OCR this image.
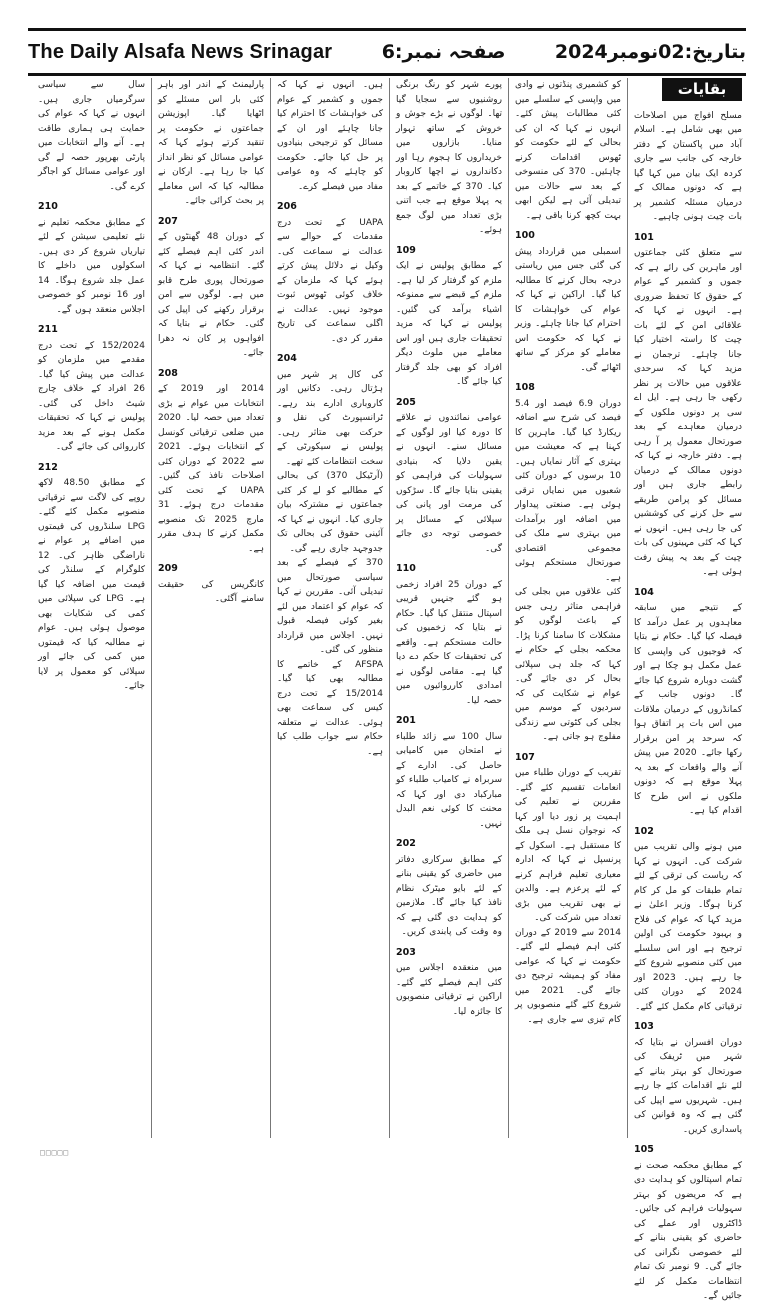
The Daily Alsafa News Srinagar	صفحہ نمبر:6	بتاریخ:02نومبر2024
بقایات
مسلح افواج میں اصلاحات میں بھی شامل ہے۔ اسلام آباد میں پاکستان کے دفتر خارجہ کی جانب سے جاری کردہ ایک بیان میں کہا گیا ہے کہ دونوں ممالک کے درمیان مسئلہ کشمیر پر بات چیت ہونی چاہیے۔
101
سے متعلق کئی جماعتوں اور ماہرین کی رائے ہے کہ جموں و کشمیر کے عوام کے حقوق کا تحفظ ضروری ہے۔ انہوں نے کہا کہ علاقائی امن کے لئے بات چیت کا راستہ اختیار کیا جانا چاہئے۔ ترجمان نے مزید کہا کہ سرحدی علاقوں میں حالات پر نظر رکھی جا رہی ہے۔ ایل اے سی پر دونوں ملکوں کے درمیان معاہدے کے بعد صورتحال معمول پر آ رہی ہے۔ دفتر خارجہ نے کہا کہ دونوں ممالک کے درمیان رابطے جاری ہیں اور مسائل کو پرامن طریقے سے حل کرنے کی کوششیں کی جا رہی ہیں۔ انہوں نے کہا کہ کئی مہینوں کی بات چیت کے بعد یہ پیش رفت ہوئی ہے۔
104
کے نتیجے میں سابقہ معاہدوں پر عمل درآمد کا فیصلہ کیا گیا۔ حکام نے بتایا کہ فوجیوں کی واپسی کا عمل مکمل ہو چکا ہے اور گشت دوبارہ شروع کیا جائے گا۔ دونوں جانب کے کمانڈروں کے درمیان ملاقات میں اس بات پر اتفاق ہوا کہ سرحد پر امن برقرار رکھا جائے۔ 2020 میں پیش آنے والے واقعات کے بعد یہ پہلا موقع ہے کہ دونوں ملکوں نے اس طرح کا اقدام کیا ہے۔
102
میں ہونے والی تقریب میں شرکت کی۔ انہوں نے کہا کہ ریاست کی ترقی کے لئے تمام طبقات کو مل کر کام کرنا ہوگا۔ وزیر اعلیٰ نے مزید کہا کہ عوام کی فلاح و بہبود حکومت کی اولین ترجیح ہے اور اس سلسلے میں کئی منصوبے شروع کئے جا رہے ہیں۔ 2023 اور 2024 کے دوران کئی ترقیاتی کام مکمل کئے گئے۔
103
دوران افسران نے بتایا کہ شہر میں ٹریفک کی صورتحال کو بہتر بنانے کے لئے نئے اقدامات کئے جا رہے ہیں۔ شہریوں سے اپیل کی گئی ہے کہ وہ قوانین کی پاسداری کریں۔
105
کے مطابق محکمہ صحت نے تمام اسپتالوں کو ہدایت دی ہے کہ مریضوں کو بہتر سہولیات فراہم کی جائیں۔ ڈاکٹروں اور عملے کی حاضری کو یقینی بنانے کے لئے خصوصی نگرانی کی جائے گی۔ 9 نومبر تک تمام انتظامات مکمل کر لئے جائیں گے۔
کو کشمیری پنڈتوں نے وادی میں واپسی کے سلسلے میں کئی مطالبات پیش کئے۔ انہوں نے کہا کہ ان کی بحالی کے لئے حکومت کو ٹھوس اقدامات کرنے چاہئیں۔ 370 کی منسوخی کے بعد سے حالات میں تبدیلی آئی ہے لیکن ابھی بہت کچھ کرنا باقی ہے۔
100
اسمبلی میں قرارداد پیش کی گئی جس میں ریاستی درجہ بحال کرنے کا مطالبہ کیا گیا۔ اراکین نے کہا کہ عوام کی خواہشات کا احترام کیا جانا چاہئے۔ وزیر نے کہا کہ حکومت اس معاملے کو مرکز کے ساتھ اٹھائے گی۔
108
دوران 6.9 فیصد اور 5.4 فیصد کی شرح سے اضافہ ریکارڈ کیا گیا۔ ماہرین کا کہنا ہے کہ معیشت میں بہتری کے آثار نمایاں ہیں۔ 10 برسوں کے دوران کئی شعبوں میں نمایاں ترقی ہوئی ہے۔ صنعتی پیداوار میں اضافہ اور برآمدات میں بہتری سے ملک کی مجموعی اقتصادی صورتحال مستحکم ہوئی ہے۔
کئی علاقوں میں بجلی کی فراہمی متاثر رہی جس کے باعث لوگوں کو مشکلات کا سامنا کرنا پڑا۔ محکمہ بجلی کے حکام نے کہا کہ جلد ہی سپلائی بحال کر دی جائے گی۔ عوام نے شکایت کی کہ سردیوں کے موسم میں بجلی کی کٹوتی سے زندگی مفلوج ہو جاتی ہے۔
107
تقریب کے دوران طلباء میں انعامات تقسیم کئے گئے۔ مقررین نے تعلیم کی اہمیت پر زور دیا اور کہا کہ نوجوان نسل ہی ملک کا مستقبل ہے۔ اسکول کے پرنسپل نے کہا کہ ادارہ معیاری تعلیم فراہم کرنے کے لئے پرعزم ہے۔ والدین نے بھی تقریب میں بڑی تعداد میں شرکت کی۔
2014 سے 2019 کے دوران کئی اہم فیصلے لئے گئے۔ حکومت نے کہا کہ عوامی مفاد کو ہمیشہ ترجیح دی جائے گی۔ 2021 میں شروع کئے گئے منصوبوں پر کام تیزی سے جاری ہے۔
پورے شہر کو رنگ برنگی روشنیوں سے سجایا گیا تھا۔ لوگوں نے بڑے جوش و خروش کے ساتھ تہوار منایا۔ بازاروں میں خریداروں کا ہجوم رہا اور دکانداروں نے اچھا کاروبار کیا۔ 370 کے خاتمے کے بعد یہ پہلا موقع ہے جب اتنی بڑی تعداد میں لوگ جمع ہوئے۔
109
کے مطابق پولیس نے ایک ملزم کو گرفتار کر لیا ہے۔ ملزم کے قبضے سے ممنوعہ اشیاء برآمد کی گئیں۔ پولیس نے کہا کہ مزید تحقیقات جاری ہیں اور اس معاملے میں ملوث دیگر افراد کو بھی جلد گرفتار کیا جائے گا۔
205
عوامی نمائندوں نے علاقے کا دورہ کیا اور لوگوں کے مسائل سنے۔ انہوں نے یقین دلایا کہ بنیادی سہولیات کی فراہمی کو یقینی بنایا جائے گا۔ سڑکوں کی مرمت اور پانی کی سپلائی کے مسائل پر خصوصی توجہ دی جائے گی۔
110
کے دوران 25 افراد زخمی ہو گئے جنہیں قریبی اسپتال منتقل کیا گیا۔ حکام نے بتایا کہ زخمیوں کی حالت مستحکم ہے۔ واقعے کی تحقیقات کا حکم دے دیا گیا ہے۔ مقامی لوگوں نے امدادی کارروائیوں میں حصہ لیا۔
201
سال 100 سے زائد طلباء نے امتحان میں کامیابی حاصل کی۔ ادارے کے سربراہ نے کامیاب طلباء کو مبارکباد دی اور کہا کہ محنت کا کوئی نعم البدل نہیں۔
202
کے مطابق سرکاری دفاتر میں حاضری کو یقینی بنانے کے لئے بایو میٹرک نظام نافذ کیا جائے گا۔ ملازمین کو ہدایت دی گئی ہے کہ وہ وقت کی پابندی کریں۔
203
میں منعقدہ اجلاس میں کئی اہم فیصلے کئے گئے۔ اراکین نے ترقیاتی منصوبوں کا جائزہ لیا۔
ہیں۔ انہوں نے کہا کہ جموں و کشمیر کے عوام کی خواہشات کا احترام کیا جانا چاہئے اور ان کے مسائل کو ترجیحی بنیادوں پر حل کیا جائے۔ حکومت کو چاہئے کہ وہ عوامی مفاد میں فیصلے کرے۔
206
UAPA کے تحت درج مقدمات کے حوالے سے عدالت نے سماعت کی۔ وکیل نے دلائل پیش کرتے ہوئے کہا کہ ملزمان کے خلاف کوئی ٹھوس ثبوت موجود نہیں۔ عدالت نے اگلی سماعت کی تاریخ مقرر کر دی۔
204
کی کال پر شہر میں ہڑتال رہی۔ دکانیں اور کاروباری ادارے بند رہے۔ ٹرانسپورٹ کی نقل و حرکت بھی متاثر رہی۔ پولیس نے سیکورٹی کے سخت انتظامات کئے تھے۔
(آرٹیکل 370) کی بحالی کے مطالبے کو لے کر کئی جماعتوں نے مشترکہ بیان جاری کیا۔ انہوں نے کہا کہ آئینی حقوق کی بحالی تک جدوجہد جاری رہے گی۔
370 کے فیصلے کے بعد سیاسی صورتحال میں تبدیلی آئی۔ مقررین نے کہا کہ عوام کو اعتماد میں لئے بغیر کوئی فیصلہ قبول نہیں۔ اجلاس میں قرارداد منظور کی گئی۔
AFSPA کے خاتمے کا مطالبہ بھی کیا گیا۔ 15/2014 کے تحت درج کیس کی سماعت بھی ہوئی۔ عدالت نے متعلقہ حکام سے جواب طلب کیا ہے۔
پارلیمنٹ کے اندر اور باہر کئی بار اس مسئلے کو اٹھایا گیا۔ اپوزیشن جماعتوں نے حکومت پر تنقید کرتے ہوئے کہا کہ عوامی مسائل کو نظر انداز کیا جا رہا ہے۔ ارکان نے مطالبہ کیا کہ اس معاملے پر بحث کرائی جائے۔
207
کے دوران 48 گھنٹوں کے اندر کئی اہم فیصلے کئے گئے۔ انتظامیہ نے کہا کہ صورتحال پوری طرح قابو میں ہے۔ لوگوں سے امن برقرار رکھنے کی اپیل کی گئی۔ حکام نے بتایا کہ افواہوں پر کان نہ دھرا جائے۔
208
2014 اور 2019 کے انتخابات میں عوام نے بڑی تعداد میں حصہ لیا۔ 2020 میں ضلعی ترقیاتی کونسل کے انتخابات ہوئے۔ 2021 سے 2022 کے دوران کئی اصلاحات نافذ کی گئیں۔ UAPA کے تحت کئی مقدمات درج ہوئے۔ 31 مارچ 2025 تک منصوبے مکمل کرنے کا ہدف مقرر ہے۔
209
کانگریس کی حقیقت سامنے آگئی۔
سال سے سیاسی سرگرمیاں جاری ہیں۔ انہوں نے کہا کہ عوام کی حمایت ہی ہماری طاقت ہے۔ آنے والے انتخابات میں پارٹی بھرپور حصہ لے گی اور عوامی مسائل کو اجاگر کرے گی۔
210
کے مطابق محکمہ تعلیم نے نئے تعلیمی سیشن کے لئے تیاریاں شروع کر دی ہیں۔ اسکولوں میں داخلے کا عمل جلد شروع ہوگا۔ 14 اور 16 نومبر کو خصوصی اجلاس منعقد ہوں گے۔
211
152/2024 کے تحت درج مقدمے میں ملزمان کو عدالت میں پیش کیا گیا۔ 26 افراد کے خلاف چارج شیٹ داخل کی گئی۔ پولیس نے کہا کہ تحقیقات مکمل ہونے کے بعد مزید کارروائی کی جائے گی۔
212
کے مطابق 48.50 لاکھ روپے کی لاگت سے ترقیاتی منصوبے مکمل کئے گئے۔ LPG سلنڈروں کی قیمتوں میں اضافے پر عوام نے ناراضگی ظاہر کی۔ 12 کلوگرام کے سلنڈر کی قیمت میں اضافہ کیا گیا ہے۔ LPG کی سپلائی میں کمی کی شکایات بھی موصول ہوئی ہیں۔ عوام نے مطالبہ کیا کہ قیمتوں میں کمی کی جائے اور سپلائی کو معمول پر لایا جائے۔
□□□□□
